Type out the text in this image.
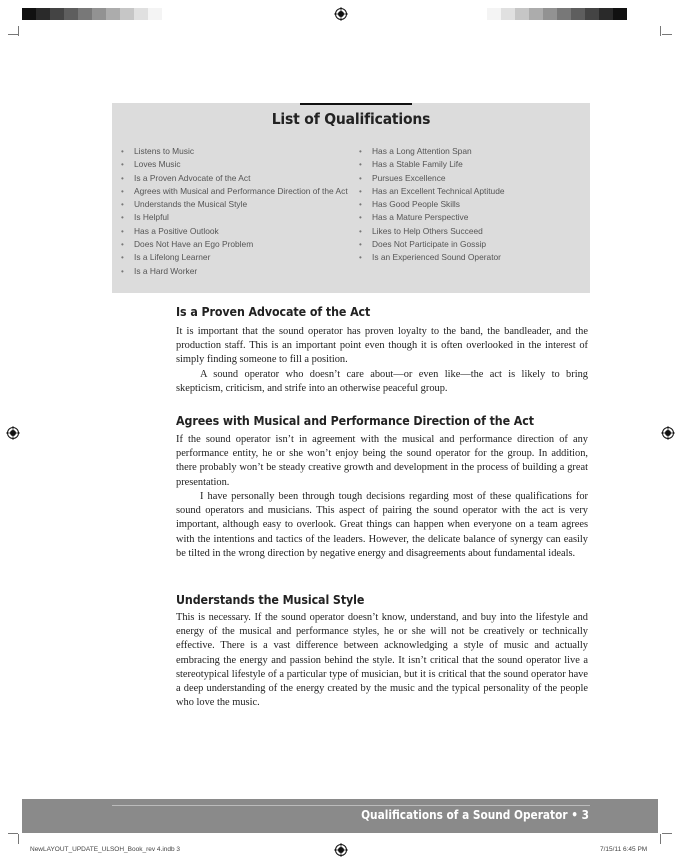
List of Qualifications
• Listens to Music
• Loves Music
• Is a Proven Advocate of the Act
• Agrees with Musical and Performance Direction of the Act
• Understands the Musical Style
• Is Helpful
• Has a Positive Outlook
• Does Not Have an Ego Problem
• Is a Lifelong Learner
• Is a Hard Worker
• Has a Long Attention Span
• Has a Stable Family Life
• Pursues Excellence
• Has an Excellent Technical Aptitude
• Has Good People Skills
• Has a Mature Perspective
• Likes to Help Others Succeed
• Does Not Participate in Gossip
• Is an Experienced Sound Operator
Is a Proven Advocate of the Act

It is important that the sound operator has proven loyalty to the band, the bandleader, and the production staff. This is an important point even though it is often overlooked in the interest of simply finding someone to fill a position.

A sound operator who doesn’t care about—or even like—the act is likely to bring skepticism, criticism, and strife into an otherwise peaceful group.

Agrees with Musical and Performance Direction of the Act

If the sound operator isn’t in agreement with the musical and performance direction of any performance entity, he or she won’t enjoy being the sound operator for the group. In addition, there probably won’t be steady creative growth and development in the process of building a great presentation.

I have personally been through tough decisions regarding most of these qualifications for sound operators and musicians. This aspect of pairing the sound operator with the act is very important, although easy to overlook. Great things can happen when everyone on a team agrees with the intentions and tactics of the leaders. However, the delicate balance of synergy can easily be tilted in the wrong direction by negative energy and disagreements about fundamental ideals.

Understands the Musical Style

This is necessary. If the sound operator doesn’t know, understand, and buy into the lifestyle and energy of the musical and performance styles, he or she will not be creatively or technically effective. There is a vast difference between acknowledging a style of music and actually embracing the energy and passion behind the style. It isn’t critical that the sound operator live a stereotypical lifestyle of a particular type of musician, but it is critical that the sound operator have a deep understanding of the energy created by the music and the typical personality of the people who love the music.

Qualifications of a Sound Operator • 3
NewLAYOUT_UPDATE_ULSOH_Book_rev 4.indb 3	7/15/11 6:45 PM
